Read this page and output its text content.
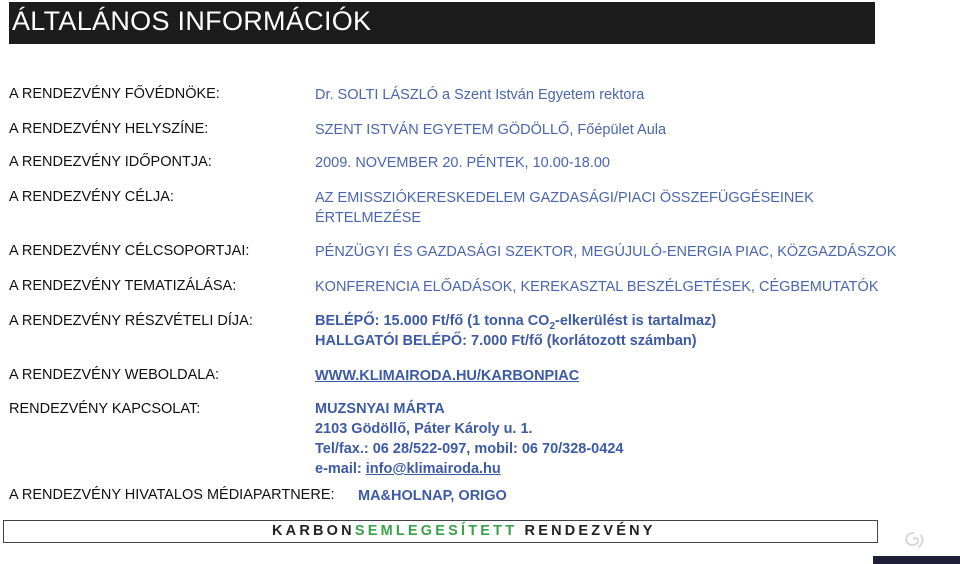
ÁLTALÁNOS INFORMÁCIÓK
A RENDEZVÉNY FŐVÉDNÖKE:	Dr. SOLTI LÁSZLÓ a Szent István Egyetem rektora
A RENDEZVÉNY HELYSZÍNE:	SZENT ISTVÁN EGYETEM GÖDÖLLŐ, Főépület Aula
A RENDEZVÉNY IDŐPONTJA:	2009. NOVEMBER 20. PÉNTEK, 10.00-18.00
A RENDEZVÉNY CÉLJA:	AZ EMISSZIÓKERESKEDELEM GAZDASÁGI/PIACI ÖSSZEFÜGGÉSEINEK
ÉRTELMEZÉSE
A RENDEZVÉNY CÉLCSOPORTJAI:	PÉNZÜGYI ÉS GAZDASÁGI SZEKTOR, MEGÚJULÓ-ENERGIA PIAC, KÖZGAZDÁSZOK
A RENDEZVÉNY TEMATIZÁLÁSA:	KONFERENCIA ELŐADÁSOK, KEREKASZTAL BESZÉLGETÉSEK, CÉGBEMUTATÓK
A RENDEZVÉNY RÉSZVÉTELI DÍJA:	BELÉPŐ: 15.000 Ft/fő (1 tonna $CO_2$-elkerülést is tartalmaz)
HALLGATÓI BELÉPŐ: 7.000 Ft/fő (korlátozott számban)
A RENDEZVÉNY WEBOLDALA:	WWW.KLIMAIRODA.HU/KARBONPIAC
RENDEZVÉNY KAPCSOLAT:	MUZSNYAI MÁRTA
2103 Gödöllő, Páter Károly u. 1.
Tel/fax.: 06 28/522-097, mobil: 06 70/328-0424
e-mail: info@klimairoda.hu
A RENDEZVÉNY HIVATALOS MÉDIAPARTNERE: MA&HOLNAP, ORIGO
KARBONSEMLEGESÍTETT RENDEZVÉNY
